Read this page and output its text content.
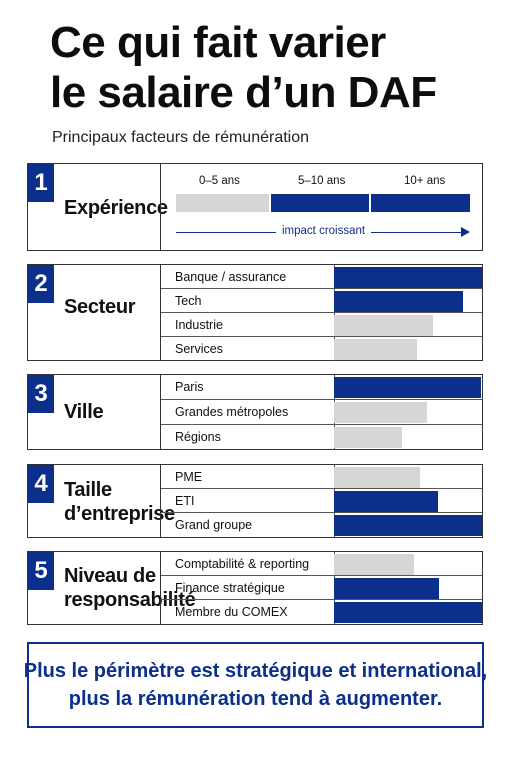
Ce qui fait varier
le salaire d’un DAF
Principaux facteurs de rémunération
1
Expérience
0–5 ans	5–10 ans	10+ ans
impact croissant
2
Secteur
Banque / assurance
Tech
Industrie
Services
3
Ville
Paris
Grandes métropoles
Régions
4 Taille
d’entreprise
PME
ETI
Grand groupe
5 Niveau de
responsabilité
Comptabilité & reporting
Finance stratégique
Membre du COMEX
Plus le périmètre est stratégique et international,
plus la rémunération tend à augmenter.
